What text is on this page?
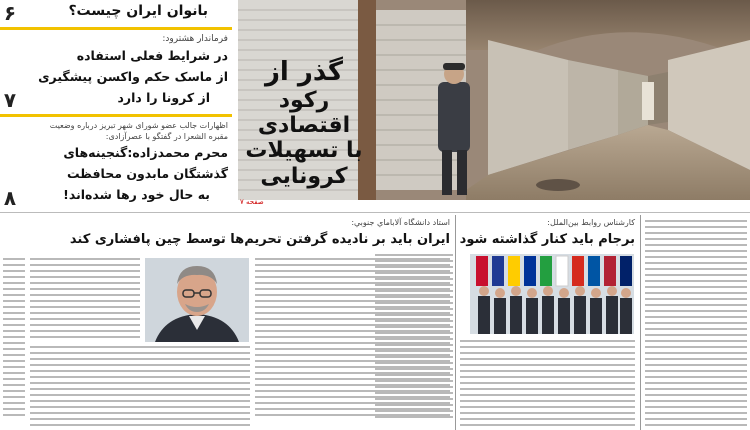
بانوان ایران چیست؟
۶
فرماندار هشترود:
در شرایط فعلی استفاده
از ماسک حکم واکسن پیشگیری
از کرونا را دارد
۷
اظهارات جالب عضو شورای شهر تبریز درباره وضعیت
مقبره الشعرا در گفتگو با عصرآزادی:
محرم محمدزاده:گنجینه‌های
گذشتگان مابدون محافظت
به حال خود رها شده‌اند!
۸
گذر از
رکود اقتصادی
با تسهیلات
کرونایی
صفحه ۷
استاد دانشگاه آلاباماي جنوبي:
ایران باید بر نادیده گرفتن تحریم‌ها توسط چین پافشاری کند
کارشناس روابط بین‌الملل:
برجام باید کنار گذاشته شود
